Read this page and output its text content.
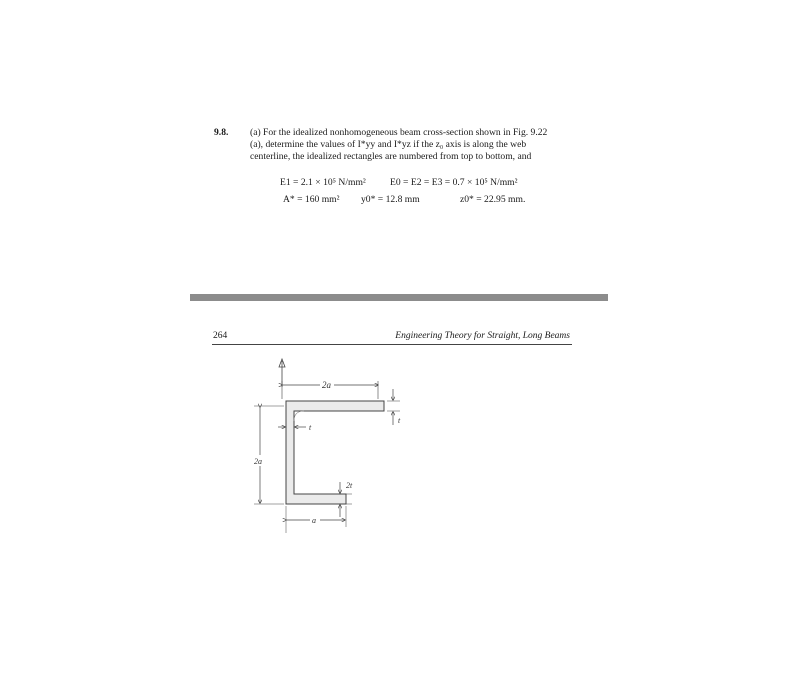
9.8. (a) For the idealized nonhomogeneous beam cross-section shown in Fig. 9.22
(a), determine the values of I*yy and I*yz if the z₀ axis is along the web
centerline, the idealized rectangles are numbered from top to bottom, and
E1 = 2.1 × 10⁵ N/mm²	E0 = E2 = E3 = 0.7 × 10⁵ N/mm²
A* = 160 mm² y0* = 12.8 mm	z0* = 22.95 mm.
264	Engineering Theory for Straight, Long Beams
2a
t
t
2a
2t
a
